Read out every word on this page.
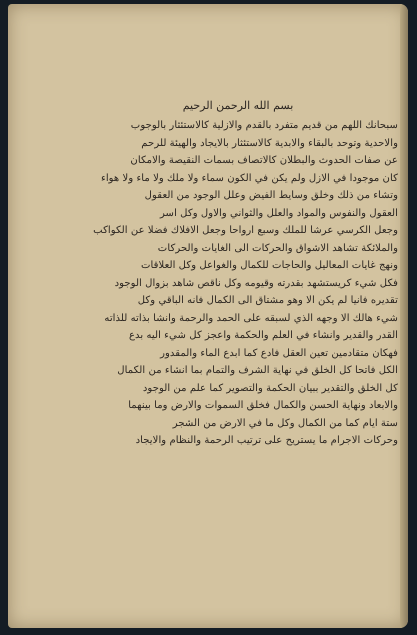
بسم الله الرحمن الرحيم
سبحانك اللهم من قديم متفرد بالقدم والازلية كالاستئثار بالوجوب
والاحدية وتوحد بالبقاء والابدية كالاستئثار بالايجاد والهيئة للرحم
عن صفات الحدوث والبطلان كالاتصاف بسمات النقيصة والامكان
كان موجودا في الازل ولم يكن في الكون سماء ولا ملك ولا ماء ولا هواء
وتشاء من ذلك وخلق وسايط الفيض وعلل الوجود من العقول
العقول والنفوس والمواد والعلل والثواني والاول وكل اسر
وجعل الكرسي عرشا للملك وسبع ارواحا وجعل الافلاك فضلا عن الكواكب
والملائكة تشاهد الاشواق والحركات الى الغايات والحركات
ونهج غايات المعاليل والحاجات للكمال والغواعل وكل العلاقات
فكل شيء كريستشهد بقدرته وقيومه وكل ناقص شاهد بزوال الوجود
تقديره فانيا لم يكن الا وهو مشتاق الى الكمال فانه الباقي وكل
شيء هالك الا وجهه الذي لسبقه على الحمد والرحمة وانشا بذاته للذاته
القدر والقدير وانشاء في العلم والحكمة واعجز كل شيء اليه بدع
فهكان متقادمين تعين العقل فادع كما ابدع الماء والمقدور
الكل فاتحا كل الخلق في نهاية الشرف والتمام بما انشاء من الكمال
كل الخلق والتقدير ببيان الحكمة والتصوير كما علم من الوجود
والابعاد ونهاية الحسن والكمال فخلق السموات والارض وما بينهما
ستة ايام كما من الكمال وكل ما في الارض من الشجر
وحركات الاجرام ما يستريح على ترتيب الرحمة والنظام والايجاد
